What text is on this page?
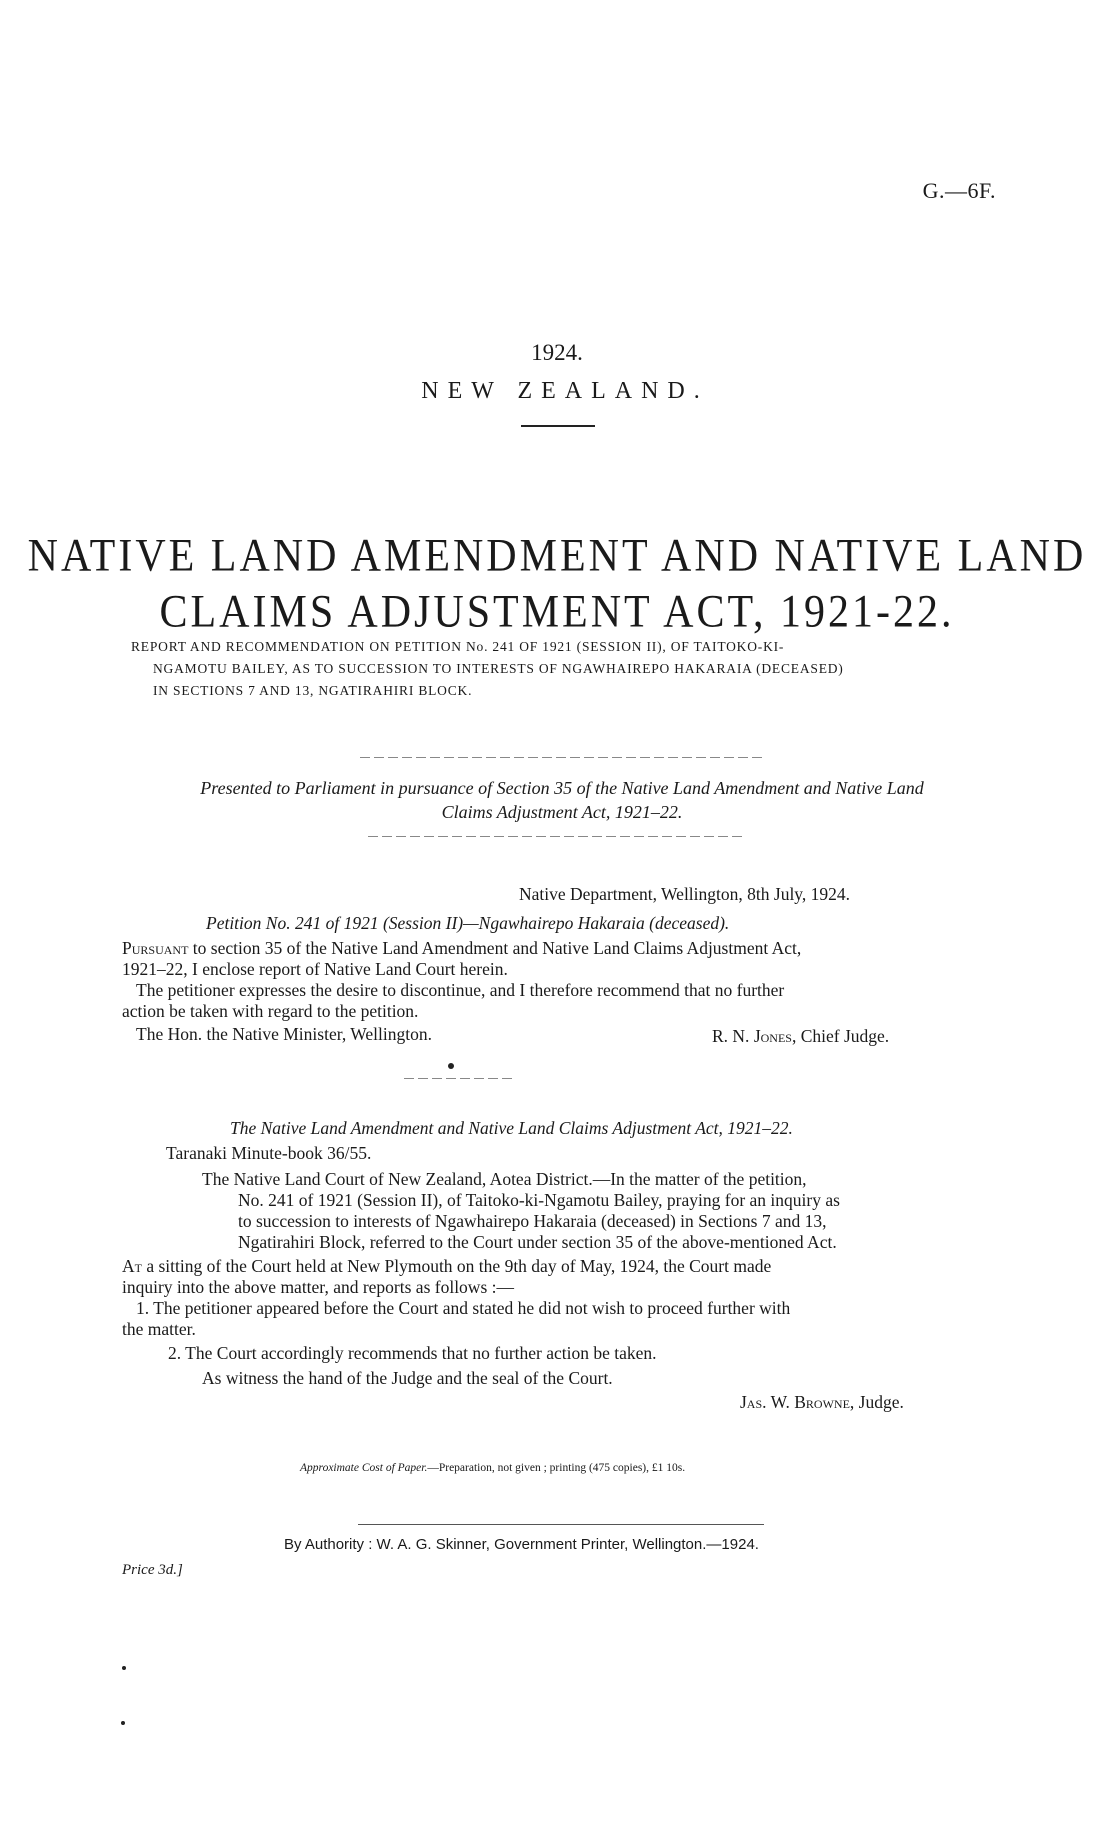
G.—6F.
1924.
NEW ZEALAND.
NATIVE LAND AMENDMENT AND NATIVE LAND
CLAIMS ADJUSTMENT ACT, 1921-22.
REPORT AND RECOMMENDATION ON PETITION No. 241 OF 1921 (SESSION II), OF TAITOKO-KI-
NGAMOTU BAILEY, AS TO SUCCESSION TO INTERESTS OF NGAWHAIREPO HAKARAIA (DECEASED)
IN SECTIONS 7 AND 13, NGATIRAHIRI BLOCK.
Presented to Parliament in pursuance of Section 35 of the Native Land Amendment and Native Land
Claims Adjustment Act, 1921–22.
Native Department, Wellington, 8th July, 1924.
Petition No. 241 of 1921 (Session II)—Ngawhairepo Hakaraia (deceased).
Pursuant to section 35 of the Native Land Amendment and Native Land Claims Adjustment Act,
1921–22, I enclose report of Native Land Court herein.
The petitioner expresses the desire to discontinue, and I therefore recommend that no further
action be taken with regard to the petition.
The Hon. the Native Minister, Wellington.	R. N. Jones, Chief Judge.
The Native Land Amendment and Native Land Claims Adjustment Act, 1921–22.
Taranaki Minute-book 36/55.
The Native Land Court of New Zealand, Aotea District.—In the matter of the petition,
No. 241 of 1921 (Session II), of Taitoko-ki-Ngamotu Bailey, praying for an inquiry as
to succession to interests of Ngawhairepo Hakaraia (deceased) in Sections 7 and 13,
Ngatirahiri Block, referred to the Court under section 35 of the above-mentioned Act.
At a sitting of the Court held at New Plymouth on the 9th day of May, 1924, the Court made
inquiry into the above matter, and reports as follows :—
1. The petitioner appeared before the Court and stated he did not wish to proceed further with
the matter.
2. The Court accordingly recommends that no further action be taken.
As witness the hand of the Judge and the seal of the Court.
Jas. W. Browne, Judge.
Approximate Cost of Paper.—Preparation, not given ; printing (475 copies), £1 10s.
By Authority : W. A. G. Skinner, Government Printer, Wellington.—1924.
Price 3d.]
